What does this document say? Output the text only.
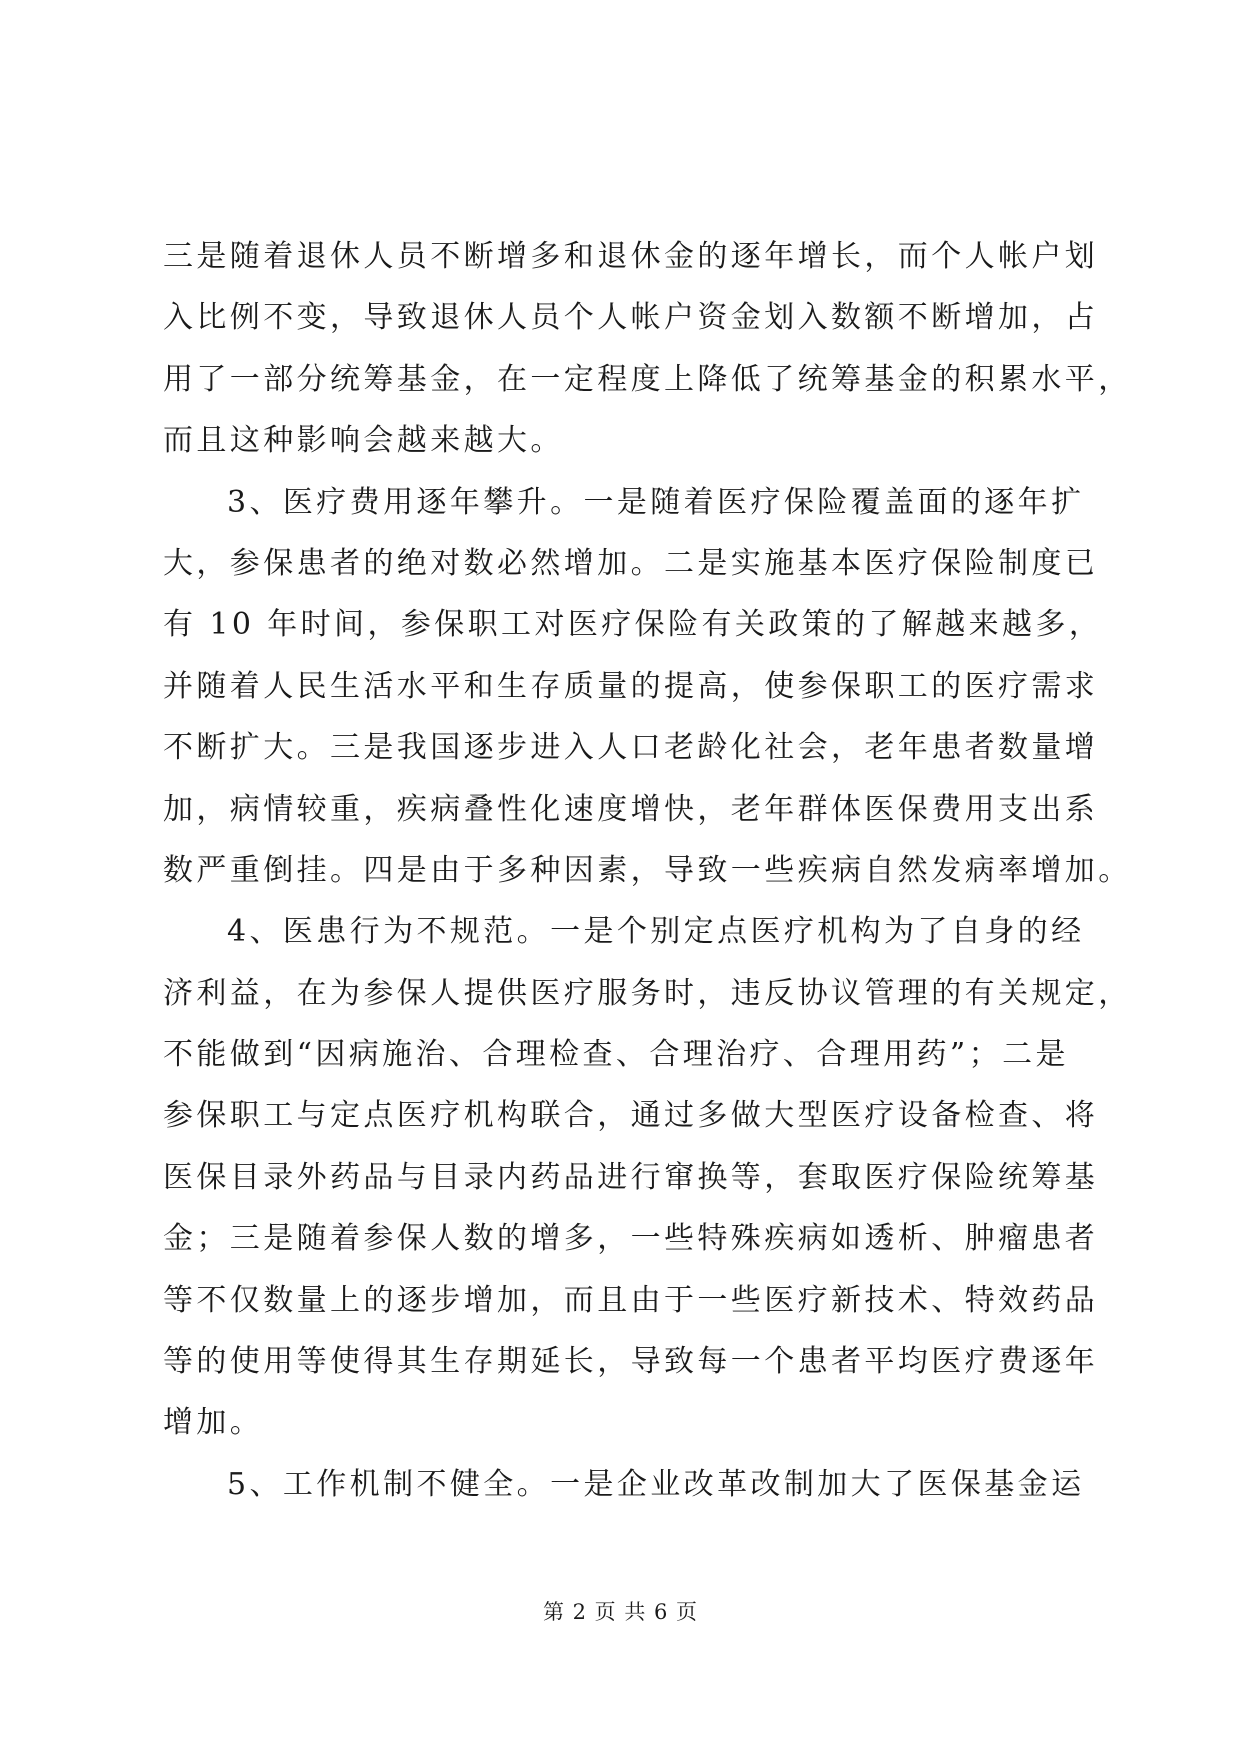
三是随着退休人员不断增多和退休金的逐年增长，而个人帐户划
入比例不变，导致退休人员个人帐户资金划入数额不断增加，占
用了一部分统筹基金，在一定程度上降低了统筹基金的积累水平，
而且这种影响会越来越大。
3、医疗费用逐年攀升。一是随着医疗保险覆盖面的逐年扩
大，参保患者的绝对数必然增加。二是实施基本医疗保险制度已
有 10 年时间，参保职工对医疗保险有关政策的了解越来越多，
并随着人民生活水平和生存质量的提高，使参保职工的医疗需求
不断扩大。三是我国逐步进入人口老龄化社会，老年患者数量增
加，病情较重，疾病叠性化速度增快，老年群体医保费用支出系
数严重倒挂。四是由于多种因素，导致一些疾病自然发病率增加。
4、医患行为不规范。一是个别定点医疗机构为了自身的经
济利益，在为参保人提供医疗服务时，违反协议管理的有关规定，
不能做到“因病施治、合理检查、合理治疗、合理用药”；二是
参保职工与定点医疗机构联合，通过多做大型医疗设备检查、将
医保目录外药品与目录内药品进行窜换等，套取医疗保险统筹基
金；三是随着参保人数的增多，一些特殊疾病如透析、肿瘤患者
等不仅数量上的逐步增加，而且由于一些医疗新技术、特效药品
等的使用等使得其生存期延长，导致每一个患者平均医疗费逐年
增加。
5、工作机制不健全。一是企业改革改制加大了医保基金运
第 2 页 共 6 页
